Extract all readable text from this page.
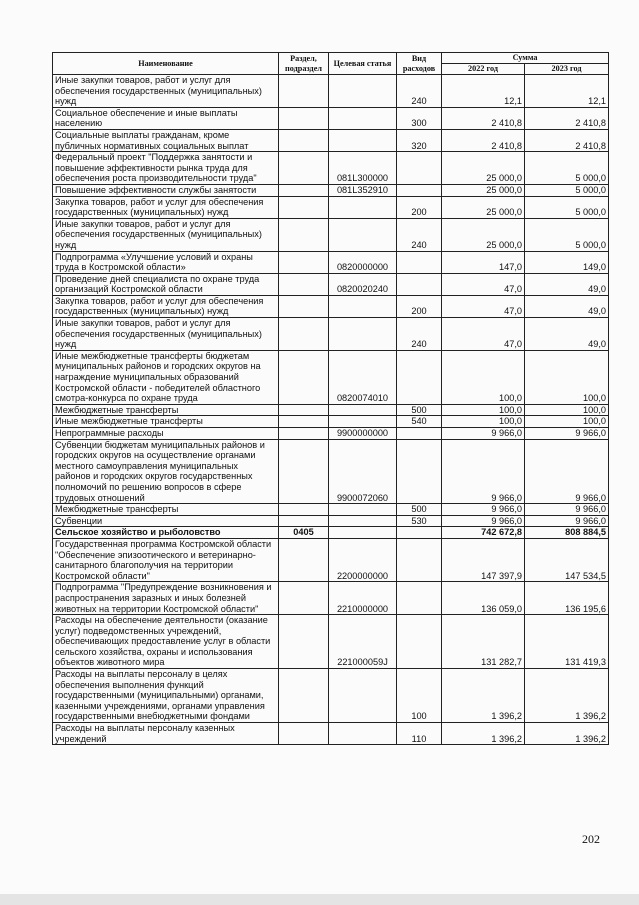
Наименование	Раздел, подраздел	Целевая статья	Вид расходов	Сумма	
				2022 год	2023 год
Иные закупки товаров, работ и услуг для обеспечения государственных (муниципальных) нужд			240	12,1	12,1
Социальное обеспечение и иные выплаты населению			300	2 410,8	2 410,8
Социальные выплаты гражданам, кроме публичных нормативных социальных выплат			320	2 410,8	2 410,8
Федеральный проект "Поддержка занятости и повышение эффективности рынка труда для обеспечения роста производительности труда"		081L300000		25 000,0	5 000,0
Повышение эффективности службы занятости		081L352910		25 000,0	5 000,0
Закупка товаров, работ и услуг для обеспечения государственных (муниципальных) нужд			200	25 000,0	5 000,0
Иные закупки товаров, работ и услуг для обеспечения государственных (муниципальных) нужд			240	25 000,0	5 000,0
Подпрограмма «Улучшение условий и охраны труда в Костромской области»		0820000000		147,0	149,0
Проведение дней специалиста по охране труда организаций Костромской области		0820020240		47,0	49,0
Закупка товаров, работ и услуг для обеспечения государственных (муниципальных) нужд			200	47,0	49,0
Иные закупки товаров, работ и услуг для обеспечения государственных (муниципальных) нужд			240	47,0	49,0
Иные межбюджетные трансферты бюджетам муниципальных районов и городских округов на награждение муниципальных образований Костромской области - победителей областного смотра-конкурса по охране труда		0820074010		100,0	100,0
Межбюджетные трансферты			500	100,0	100,0
Иные межбюджетные трансферты			540	100,0	100,0
Непрограммные расходы		9900000000		9 966,0	9 966,0
Субвенции бюджетам муниципальных районов и городских округов на осуществление органами местного самоуправления муниципальных районов и городских округов государственных полномочий по решению вопросов в сфере трудовых отношений		9900072060		9 966,0	9 966,0
Межбюджетные трансферты			500	9 966,0	9 966,0
Субвенции			530	9 966,0	9 966,0
Сельское хозяйство и рыболовство	0405			742 672,8	808 884,5
Государственная программа Костромской области "Обеспечение эпизоотического и ветеринарно-санитарного благополучия на территории Костромской области"		2200000000		147 397,9	147 534,5
Подпрограмма "Предупреждение возникновения и распространения заразных и иных болезней животных на территории Костромской области"		2210000000		136 059,0	136 195,6
Расходы на обеспечение деятельности (оказание услуг) подведомственных учреждений, обеспечивающих предоставление услуг в области сельского хозяйства, охраны и использования объектов животного мира		221000059J		131 282,7	131 419,3
Расходы на выплаты персоналу в целях обеспечения выполнения функций государственными (муниципальными) органами, казенными учреждениями, органами управления государственными внебюджетными фондами			100	1 396,2	1 396,2
Расходы на выплаты персоналу казенных учреждений			110	1 396,2	1 396,2
202
